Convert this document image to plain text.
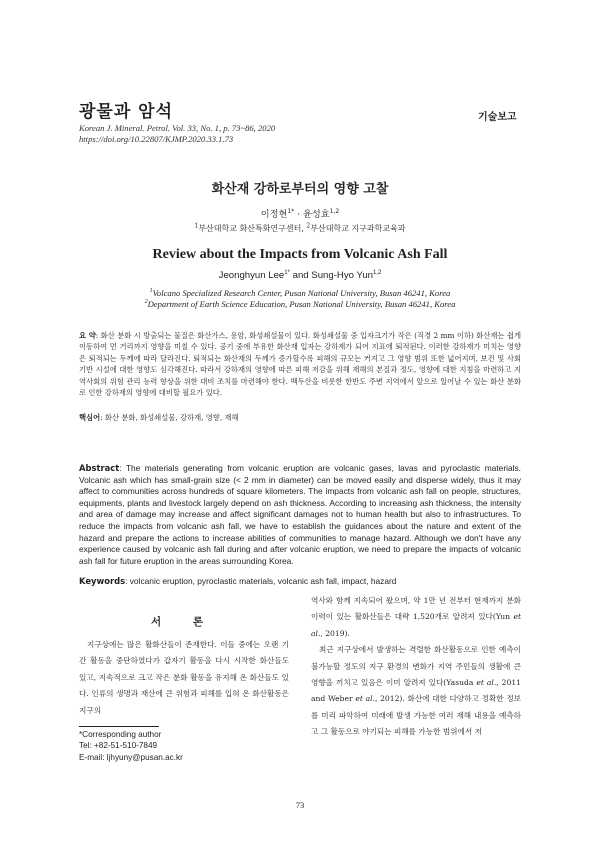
광물과 암석
Korean J. Mineral. Petrol. Vol. 33, No. 1, p. 73~86, 2020
https://doi.org/10.22807/KJMP.2020.33.1.73
기술보고
화산재 강하로부터의 영향 고찰
이정현$^{1*}$ · 윤성효$^{1,2}$
$^1$부산대학교 화산특화연구센터, $^2$부산대학교 지구과학교육과
Review about the Impacts from Volcanic Ash Fall
Jeonghyun Lee$^{1*}$ and Sung-Hyo Yun$^{1,2}$
$^1$Volcano Specialized Research Center, Pusan National University, Busan 46241, Korea
$^2$Department of Earth Science Education, Pusan National University, Busan 46241, Korea
요 약: 화산 분화 시 방출되는 물질은 화산가스, 용암, 화성쇄설물이 있다. 화성쇄설물 중 입자크기가 작은 (직경 2 mm 이하) 화산재는 쉽게 이동하여 먼 거리까지 영향을 미칠 수 있다. 공기 중에 부유한 화산재 입자는 강하재가 되어 지표에 퇴적된다. 이러한 강하재가 미치는 영향은 퇴적되는 두께에 따라 달라진다. 퇴적되는 화산재의 두께가 증가할수록 피해의 규모는 커지고 그 영향 범위 또한 넓어지며, 보건 및 사회 기반 시설에 대한 영향도 심각해진다. 따라서 강하재의 영향에 따른 피해 저감을 위해 재해의 본질과 정도, 영향에 대한 지침을 마련하고 지역사회의 위험 관리 능력 향상을 위한 대비 조치를 마련해야 한다. 백두산을 비롯한 한반도 주변 지역에서 앞으로 일어날 수 있는 화산 분화로 인한 강하재의 영향에 대비할 필요가 있다.
핵심어: 화산 분화, 화성쇄설물, 강하재, 영향, 재해
Abstract: The materials generating from volcanic eruption are volcanic gases, lavas and pyroclastic materials. Volcanic ash which has small-grain size (< 2 mm in diameter) can be moved easily and disperse widely, thus it may affect to communities across hundreds of square kilometers. The impacts from volcanic ash fall on people, structures, equipments, plants and livestock largely depend on ash thickness. According to increasing ash thickness, the intensity and area of damage may increase and affect significant damages not to human health but also to infrastructures. To reduce the impacts from volcanic ash fall, we have to establish the guidances about the nature and extent of the hazard and prepare the actions to increase abilities of communities to manage hazard. Although we don't have any experience caused by volcanic ash fall during and after volcanic eruption, we need to prepare the impacts of volcanic ash fall for future eruption in the areas surrounding Korea.
Keywords: volcanic eruption, pyroclastic materials, volcanic ash fall, impact, hazard
서 론

지구상에는 많은 활화산들이 존재한다. 이들 중에는 오랜 기간 활동을 중단하였다가 갑자기 활동을 다시 시작한 화산들도 있고, 지속적으로 크고 작은 분화 활동을 유지해 온 화산들도 있다. 인류의 생명과 재산에 큰 위험과 피해를 입혀 온 화산활동은 지구의

역사와 함께 지속되어 왔으며, 약 1만 년 전부터 현재까지 분화 이력이 있는 활화산들은 대략 1,520개로 알려져 있다(Yun et al., 2019).

최근 지구상에서 발생하는 격렬한 화산활동으로 인한 예측이 불가능할 정도의 지구 환경의 변화가 지역 주민들의 생활에 큰 영향을 끼치고 있음은 이미 알려져 있다(Yasuda et al., 2011 and Weber et al., 2012). 화산에 대한 다양하고 정확한 정보를 미리 파악하여 미래에 발생 가능한 여러 재해 내용을 예측하고 그 활동으로 야기되는 피해를 가능한 범위에서 저

*Corresponding author
Tel: +82-51-510-7849
E-mail: ljhyuny@pusan.ac.kr
73
